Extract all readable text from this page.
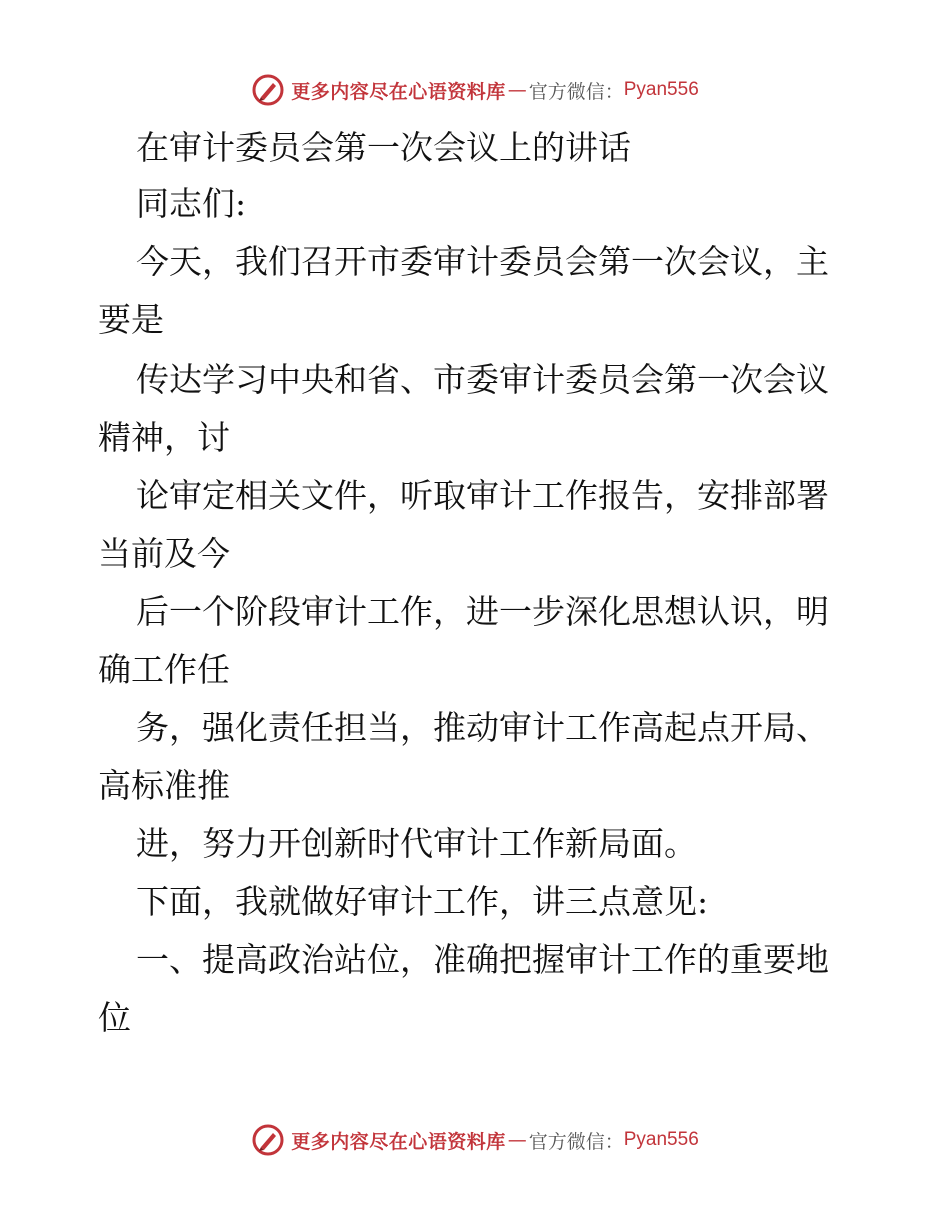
更多内容尽在心语资料库 — 官方微信： Pyan556
在审计委员会第一次会议上的讲话
同志们:
今天，我们召开市委审计委员会第一次会议，主
要是
传达学习中央和省、市委审计委员会第一次会议
精神，讨
论审定相关文件，听取审计工作报告，安排部署
当前及今
后一个阶段审计工作，进一步深化思想认识，明
确工作任
务，强化责任担当，推动审计工作高起点开局、
高标准推
进，努力开创新时代审计工作新局面。
下面，我就做好审计工作，讲三点意见:
一、提高政治站位，准确把握审计工作的重要地
位
更多内容尽在心语资料库 — 官方微信： Pyan556
